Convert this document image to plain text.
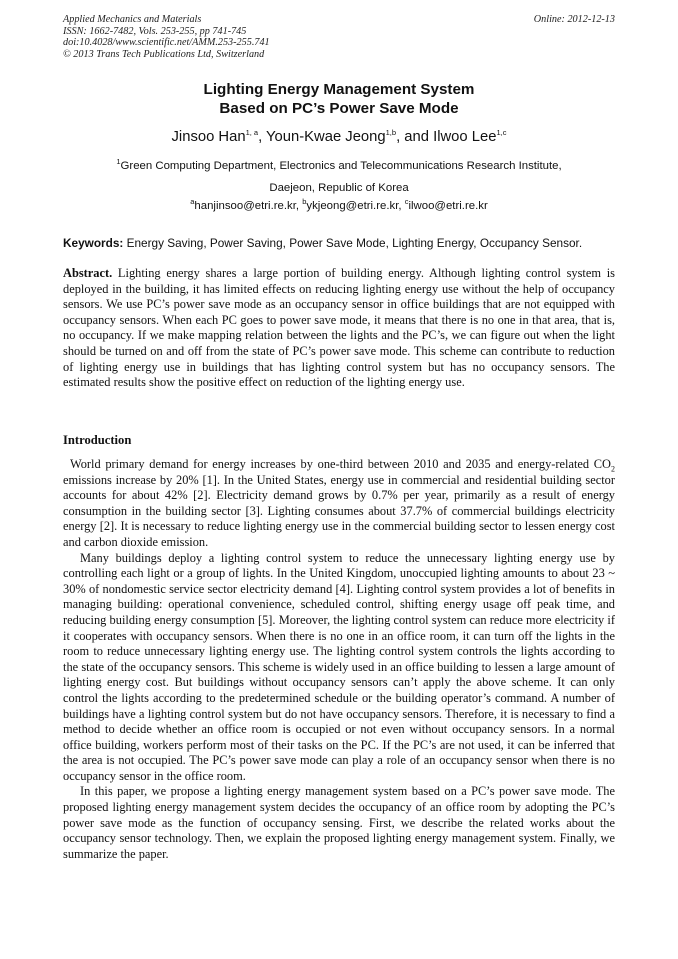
Applied Mechanics and Materials
ISSN: 1662-7482, Vols. 253-255, pp 741-745
doi:10.4028/www.scientific.net/AMM.253-255.741
© 2013 Trans Tech Publications Ltd, Switzerland
Online: 2012-12-13
Lighting Energy Management System
Based on PC’s Power Save Mode
Jinsoo Han$^{1, a}$, Youn-Kwae Jeong$^{1,b}$, and Ilwoo Lee$^{1,c}$
$^1$Green Computing Department, Electronics and Telecommunications Research Institute,
Daejeon, Republic of Korea
$^a$hanjinsoo@etri.re.kr, $^b$ykjeong@etri.re.kr, $^c$ilwoo@etri.re.kr
Keywords: Energy Saving, Power Saving, Power Save Mode, Lighting Energy, Occupancy Sensor.
Abstract. Lighting energy shares a large portion of building energy. Although lighting control system is deployed in the building, it has limited effects on reducing lighting energy use without the help of occupancy sensors. We use PC’s power save mode as an occupancy sensor in office buildings that are not equipped with occupancy sensors. When each PC goes to power save mode, it means that there is no one in that area, that is, no occupancy. If we make mapping relation between the lights and the PC’s, we can figure out when the light should be turned on and off from the state of PC’s power save mode. This scheme can contribute to reduction of lighting energy use in buildings that has lighting control system but has no occupancy sensors. The estimated results show the positive effect on reduction of the lighting energy use.
Introduction

World primary demand for energy increases by one-third between 2010 and 2035 and energy-related $CO_2$ emissions increase by 20% [1]. In the United States, energy use in commercial and residential building sector accounts for about 42% [2]. Electricity demand grows by 0.7% per year, primarily as a result of energy consumption in the building sector [3]. Lighting consumes about 37.7% of commercial buildings electricity energy [2]. It is necessary to reduce lighting energy use in the commercial building sector to lessen energy cost and carbon dioxide emission.

Many buildings deploy a lighting control system to reduce the unnecessary lighting energy use by controlling each light or a group of lights. In the United Kingdom, unoccupied lighting amounts to about 23 ~ 30% of nondomestic service sector electricity demand [4]. Lighting control system provides a lot of benefits in managing building: operational convenience, scheduled control, shifting energy usage off peak time, and reducing building energy consumption [5]. Moreover, the lighting control system can reduce more electricity if it cooperates with occupancy sensors. When there is no one in an office room, it can turn off the lights in the room to reduce unnecessary lighting energy use. The lighting control system controls the lights according to the state of the occupancy sensors. This scheme is widely used in an office building to lessen a large amount of lighting energy cost. But buildings without occupancy sensors can’t apply the above scheme. It can only control the lights according to the predetermined schedule or the building operator’s command. A number of buildings have a lighting control system but do not have occupancy sensors. Therefore, it is necessary to find a method to decide whether an office room is occupied or not even without occupancy sensors. In a normal office building, workers perform most of their tasks on the PC. If the PC’s are not used, it can be inferred that the area is not occupied. The PC’s power save mode can play a role of an occupancy sensor when there is no occupancy sensor in the office room.

In this paper, we propose a lighting energy management system based on a PC’s power save mode. The proposed lighting energy management system decides the occupancy of an office room by adopting the PC’s power save mode as the function of occupancy sensing. First, we describe the related works about the occupancy sensor technology. Then, we explain the proposed lighting energy management system. Finally, we summarize the paper.
